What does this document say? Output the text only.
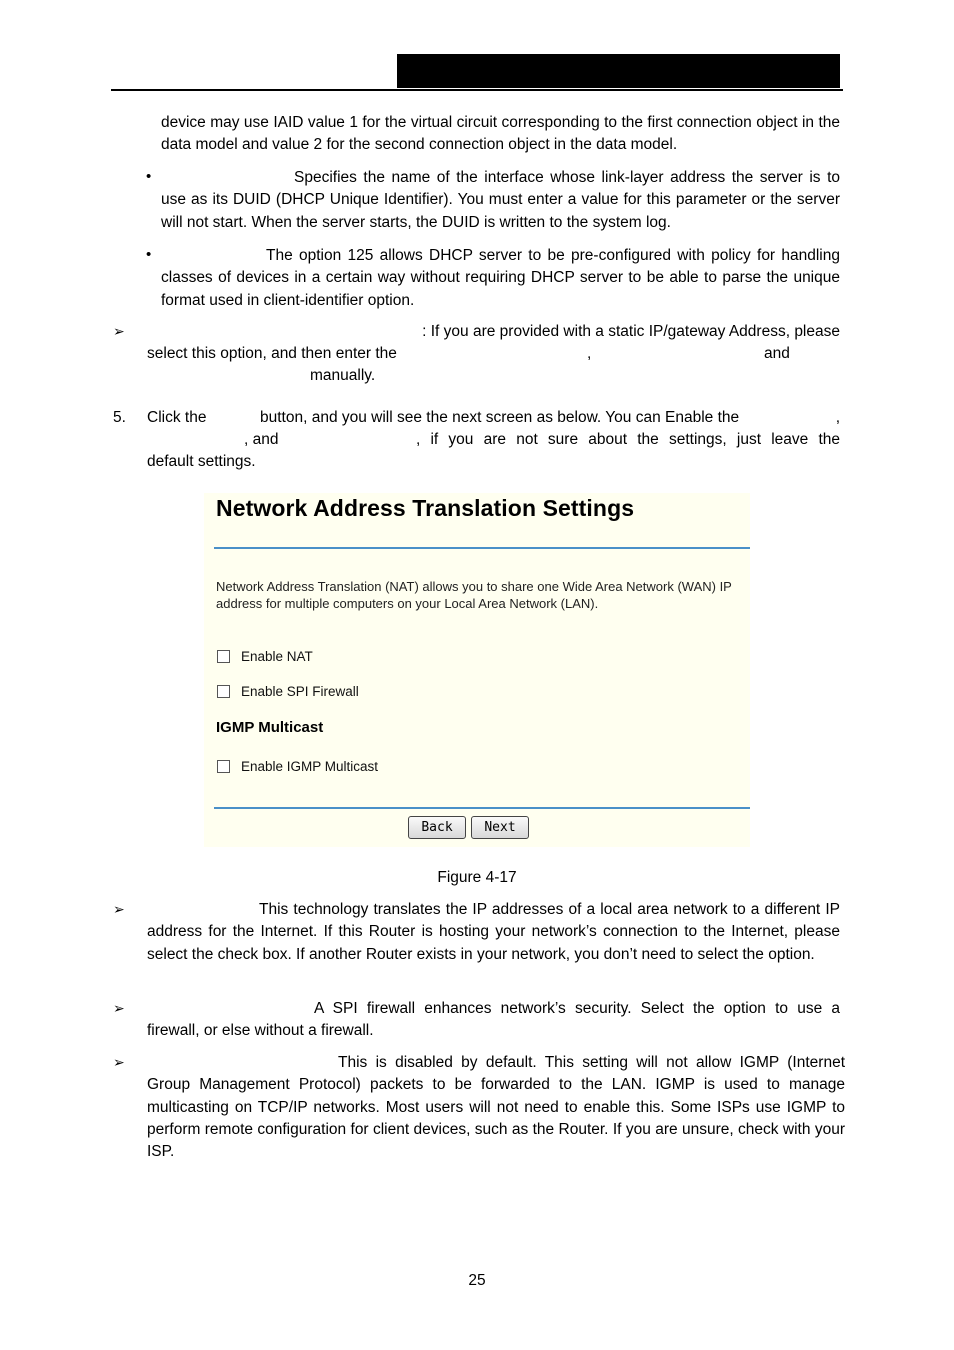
device may use IAID value 1 for the virtual circuit corresponding to the first connection object in the data model and value 2 for the second connection object in the data model.

•	Specifies the name of the interface whose link-layer address the server is to use as its DUID (DHCP Unique Identifier). You must enter a value for this parameter or the server will not start. When the server starts, the DUID is written to the system log.

•	The option 125 allows DHCP server to be pre-configured with policy for handling classes of devices in a certain way without requiring DHCP server to be able to parse the unique format used in client-identifier option.

➢	: If you are provided with a static IP/gateway Address, please
select this option, and then enter the	,	and
manually.
5. Click the	button, and you will see the next screen as below. You can Enable the	,
, and	, if you are not sure about the settings, just leave the
default settings.
Network Address Translation Settings
Network Address Translation (NAT) allows you to share one Wide Area Network (WAN) IP address for multiple computers on your Local Area Network (LAN).
Enable NAT
Enable SPI Firewall
IGMP Multicast
Enable IGMP Multicast
Back	Next
Figure 4-17
➢	This technology translates the IP addresses of a local area network to a different IP address for the Internet. If this Router is hosting your network’s connection to the Internet, please select the check box. If another Router exists in your network, you don’t need to select the option.

➢	A SPI firewall enhances network’s security. Select the option to use a firewall, or else without a firewall.

➢	This is disabled by default. This setting will not allow IGMP (Internet Group Management Protocol) packets to be forwarded to the LAN. IGMP is used to manage multicasting on TCP/IP networks. Most users will not need to enable this. Some ISPs use IGMP to perform remote configuration for client devices, such as the Router. If you are unsure, check with your ISP.

25
